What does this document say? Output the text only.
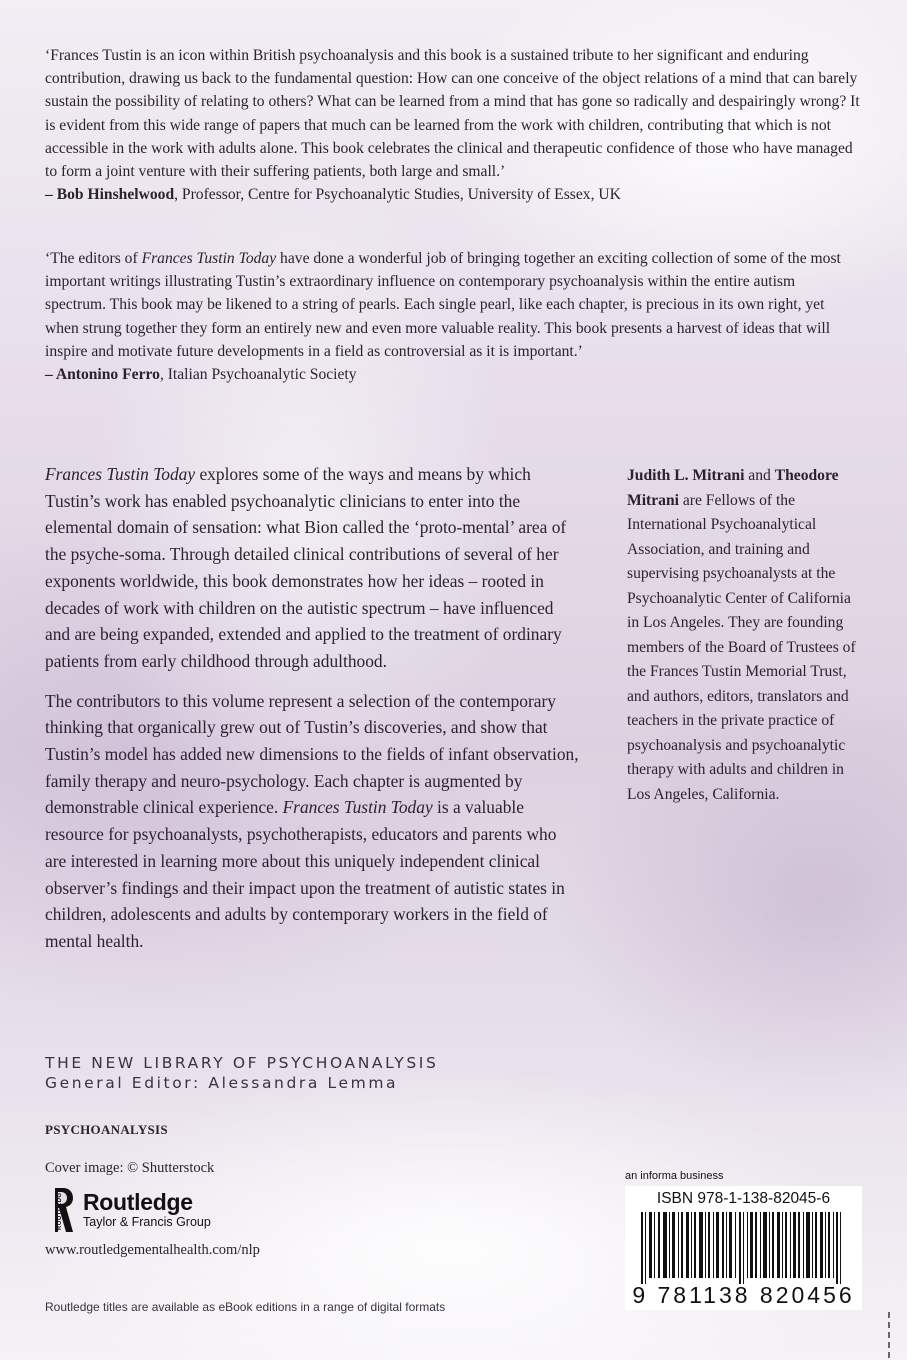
‘Frances Tustin is an icon within British psychoanalysis and this book is a sustained tribute to her significant and enduring contribution, drawing us back to the fundamental question: How can one conceive of the object relations of a mind that can barely sustain the possibility of relating to others? What can be learned from a mind that has gone so radically and despairingly wrong? It is evident from this wide range of papers that much can be learned from the work with children, contributing that which is not accessible in the work with adults alone. This book celebrates the clinical and therapeutic confidence of those who have managed to form a joint venture with their suffering patients, both large and small.’

– Bob Hinshelwood, Professor, Centre for Psychoanalytic Studies, University of Essex, UK

‘The editors of Frances Tustin Today have done a wonderful job of bringing together an exciting collection of some of the most important writings illustrating Tustin’s extraordinary influence on contemporary psychoanalysis within the entire autism spectrum. This book may be likened to a string of pearls. Each single pearl, like each chapter, is precious in its own right, yet when strung together they form an entirely new and even more valuable reality. This book presents a harvest of ideas that will inspire and motivate future developments in a field as controversial as it is important.’

– Antonino Ferro, Italian Psychoanalytic Society

Frances Tustin Today explores some of the ways and means by which Tustin’s work has enabled psychoanalytic clinicians to enter into the elemental domain of sensation: what Bion called the ‘proto-mental’ area of the psyche-soma. Through detailed clinical contributions of several of her exponents worldwide, this book demonstrates how her ideas – rooted in decades of work with children on the autistic spectrum – have influenced and are being expanded, extended and applied to the treatment of ordinary patients from early childhood through adulthood.

The contributors to this volume represent a selection of the contemporary thinking that organically grew out of Tustin’s discoveries, and show that Tustin’s model has added new dimensions to the fields of infant observation, family therapy and neuro-psychology. Each chapter is augmented by demonstrable clinical experience. Frances Tustin Today is a valuable resource for psychoanalysts, psychotherapists, educators and parents who are interested in learning more about this uniquely independent clinical observer’s findings and their impact upon the treatment of autistic states in children, adolescents and adults by contemporary workers in the field of mental health.

Judith L. Mitrani and Theodore Mitrani are Fellows of the International Psychoanalytical Association, and training and supervising psychoanalysts at the Psychoanalytic Center of California in Los Angeles. They are founding members of the Board of Trustees of the Frances Tustin Memorial Trust, and authors, editors, translators and teachers in the private practice of psychoanalysis and psychoanalytic therapy with adults and children in Los Angeles, California.

THE NEW LIBRARY OF PSYCHOANALYSIS
General Editor: Alessandra Lemma
PSYCHOANALYSIS
Cover image: © Shutterstock
ROUTLEDGE Routledge
Taylor & Francis Group
www.routledgementalhealth.com/nlp
Routledge titles are available as eBook editions in a range of digital formats
an informa business
ISBN 978-1-138-82045-6
9 781138 820456
